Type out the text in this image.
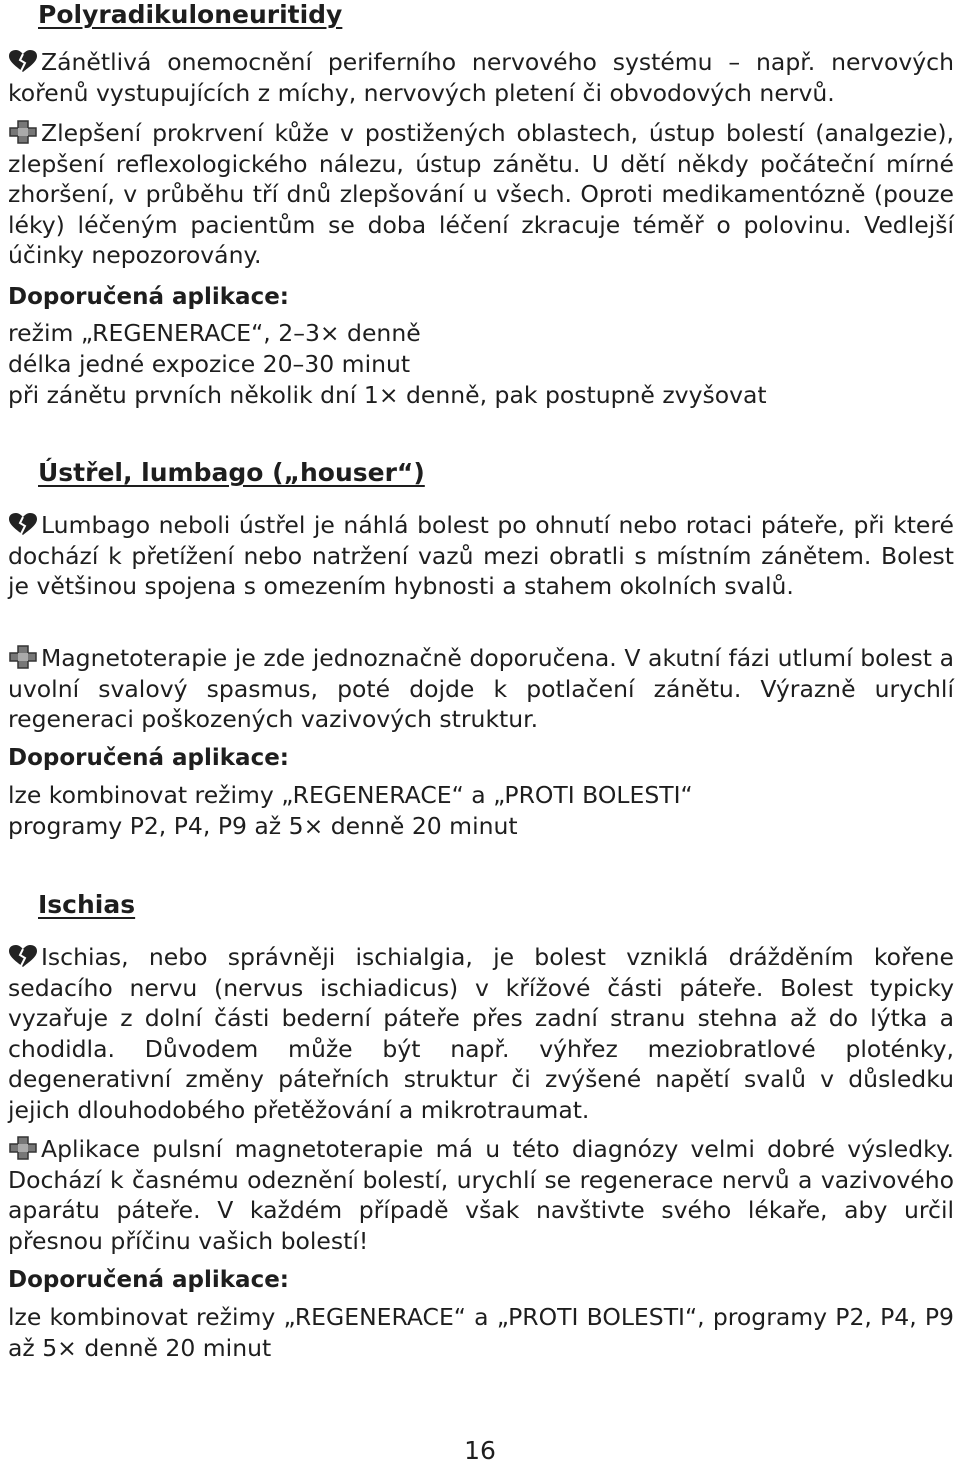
Polyradikuloneuritidy

Zánětlivá onemocnění periferního nervového systému – např. nervových kořenů vystupujících z míchy, nervových pletení či obvodových nervů.

Zlepšení prokrvení kůže v postižených oblastech, ústup bolestí (analgezie), zlepšení reflexologického nálezu, ústup zánětu. U dětí někdy počáteční mírné zhoršení, v průběhu tří dnů zlepšování u všech. Oproti medikamentózně (pouze léky) léčeným pacientům se doba léčení zkracuje téměř o polovinu. Vedlejší účinky nepozorovány.

Doporučená aplikace:

režim „REGENERACE“, 2–3× denně

délka jedné expozice 20–30 minut

při zánětu prvních několik dní 1× denně, pak postupně zvyšovat

Ústřel, lumbago („houser“)

Lumbago neboli ústřel je náhlá bolest po ohnutí nebo rotaci páteře, při které dochází k přetížení nebo natržení vazů mezi obratli s místním zánětem. Bolest je většinou spojena s omezením hybnosti a stahem okolních svalů.

Magnetoterapie je zde jednoznačně doporučena. V akutní fázi utlumí bolest a uvolní svalový spasmus, poté dojde k potlačení zánětu. Výrazně urychlí regeneraci poškozených vazivových struktur.

Doporučená aplikace:

lze kombinovat režimy „REGENERACE“ a „PROTI BOLESTI“

programy P2, P4, P9 až 5× denně 20 minut

Ischias

Ischias, nebo správněji ischialgia, je bolest vzniklá drážděním kořene sedacího nervu (nervus ischiadicus) v křížové části páteře. Bolest typicky vyzařuje z dolní části bederní páteře přes zadní stranu stehna až do lýtka a chodidla. Důvodem může být např. výhřez meziobratlové ploténky, degenerativní změny páteřních struktur či zvýšené napětí svalů v důsledku jejich dlouhodobého přetěžování a mikrotraumat.

Aplikace pulsní magnetoterapie má u této diagnózy velmi dobré výsledky. Dochází k časnému odeznění bolestí, urychlí se regenerace nervů a vazivového aparátu páteře. V každém případě však navštivte svého lékaře, aby určil přesnou příčinu vašich bolestí!

Doporučená aplikace:

lze kombinovat režimy „REGENERACE“ a „PROTI BOLESTI“, programy P2, P4, P9 až 5× denně 20 minut

16
